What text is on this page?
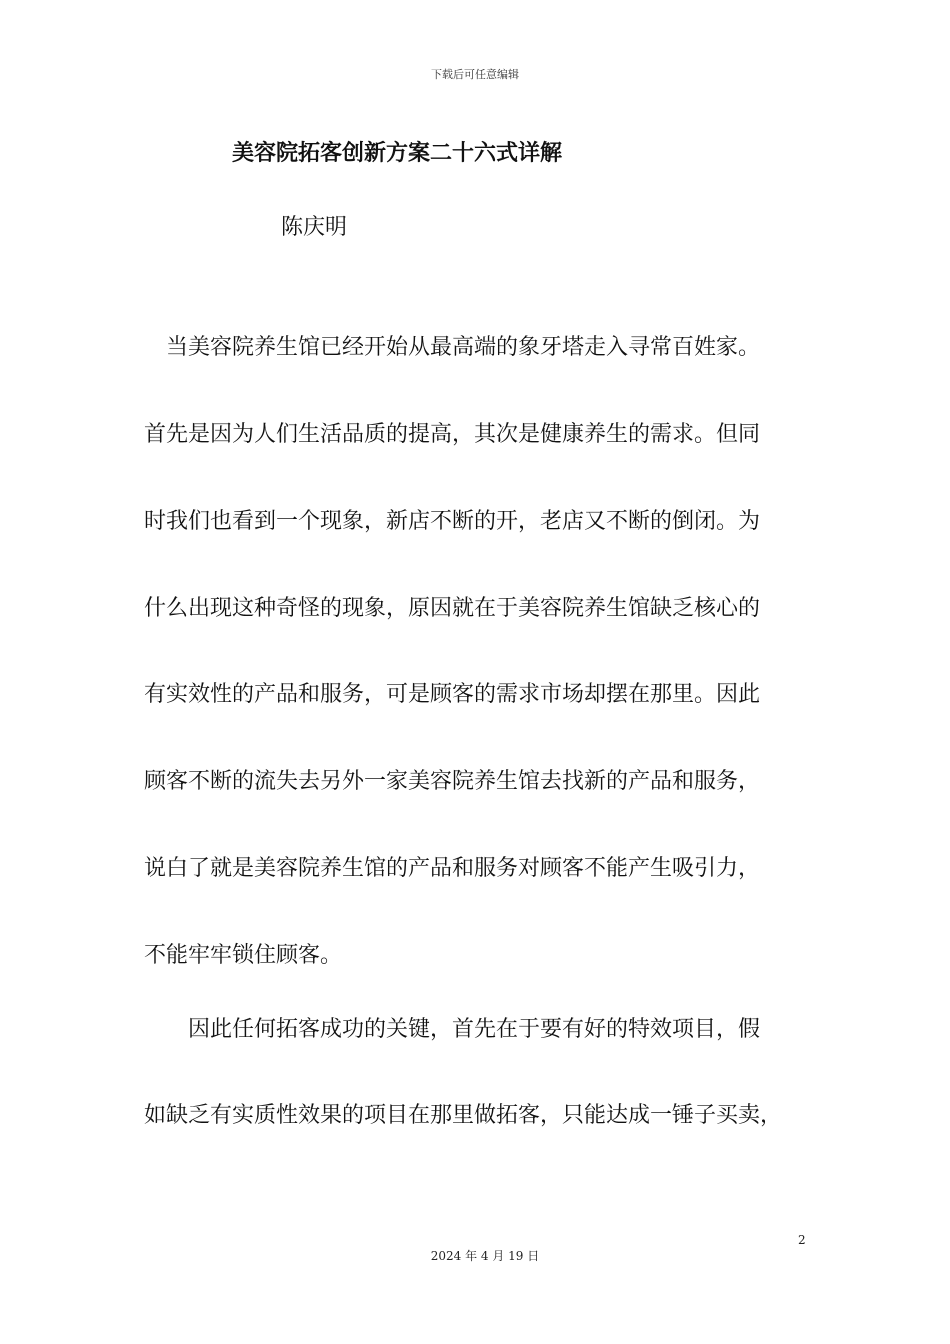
下载后可任意编辑
美容院拓客创新方案二十六式详解
陈庆明
　当美容院养生馆已经开始从最高端的象牙塔走入寻常百姓家。
首先是因为人们生活品质的提高，其次是健康养生的需求。但同
时我们也看到一个现象，新店不断的开，老店又不断的倒闭。为
什么出现这种奇怪的现象，原因就在于美容院养生馆缺乏核心的
有实效性的产品和服务，可是顾客的需求市场却摆在那里。因此
顾客不断的流失去另外一家美容院养生馆去找新的产品和服务，
说白了就是美容院养生馆的产品和服务对顾客不能产生吸引力，
不能牢牢锁住顾客。
　　因此任何拓客成功的关键，首先在于要有好的特效项目，假
如缺乏有实质性效果的项目在那里做拓客，只能达成一锤子买卖，
2
2024 年 4 月 19 日
